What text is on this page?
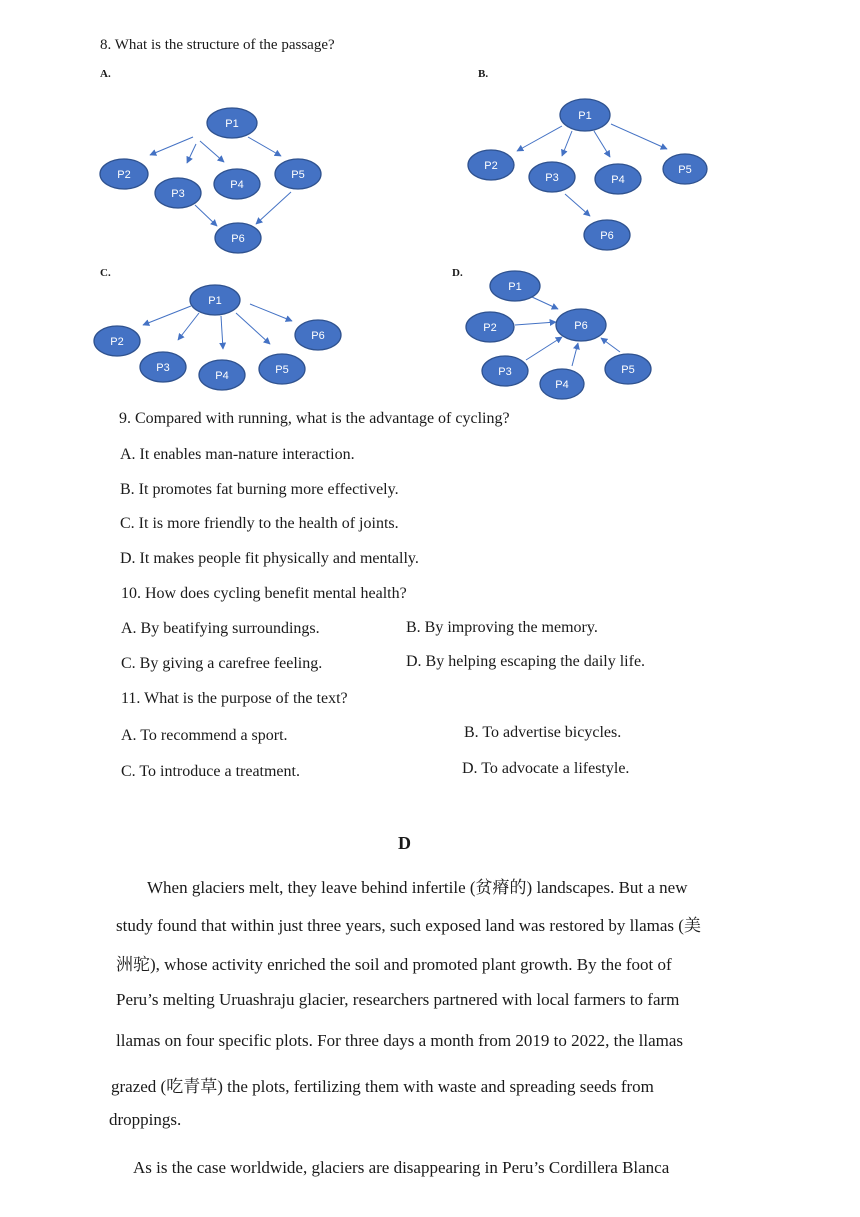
8. What is the structure of the passage?
A.	B.
C.	D.
P1
P2
P3
P4
P5
P6
P1
P2
P3	P4
P5
P6
P1
P2
P3
P4	P5
P6
P1
P2
P3
P4
P5
P6
9. Compared with running, what is the advantage of cycling?
A. It enables man-nature interaction.
B. It promotes fat burning more effectively.
C. It is more friendly to the health of joints.
D. It makes people fit physically and mentally.
10. How does cycling benefit mental health?
A. By beatifying surroundings.	B. By improving the memory.
C. By giving a carefree feeling.	D. By helping escaping the daily life.
11. What is the purpose of the text?
A. To recommend a sport.	B. To advertise bicycles.
C. To introduce a treatment.	D. To advocate a lifestyle.
D
When glaciers melt, they leave behind infertile (贫瘠的) landscapes. But a new
study found that within just three years, such exposed land was restored by llamas (美
洲驼), whose activity enriched the soil and promoted plant growth. By the foot of
Peru’s melting Uruashraju glacier, researchers partnered with local farmers to farm
llamas on four specific plots. For three days a month from 2019 to 2022, the llamas
grazed (吃青草) the plots, fertilizing them with waste and spreading seeds from
droppings.
As is the case worldwide, glaciers are disappearing in Peru’s Cordillera Blanca
